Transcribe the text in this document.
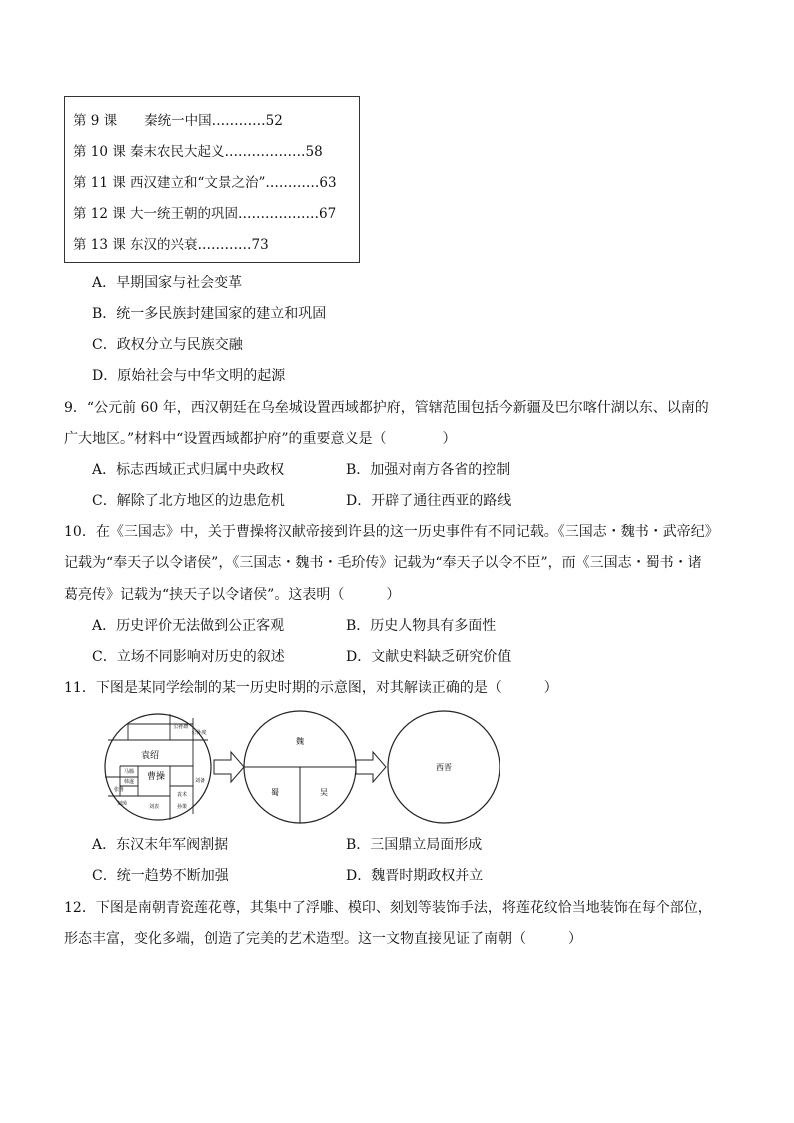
第 9 课　　秦统一中国…………52
第 10 课 秦末农民大起义………………58
第 11 课 西汉建立和“文景之治”…………63
第 12 课 大一统王朝的巩固………………67
第 13 课 东汉的兴衰…………73
A．早期国家与社会变革
B．统一多民族封建国家的建立和巩固
C．政权分立与民族交融
D．原始社会与中华文明的起源
9．“公元前 60 年，西汉朝廷在乌垒城设置西域都护府，管辖范围包括今新疆及巴尔喀什湖以东、以南的
广大地区。”材料中“设置西域都护府”的重要意义是（　　　　）
A．标志西域正式归属中央政权	B．加强对南方各省的控制
C．解除了北方地区的边患危机	D．开辟了通往西亚的路线
10．在《三国志》中，关于曹操将汉献帝接到许县的这一历史事件有不同记载。《三国志・魏书・武帝纪》
记载为“奉天子以令诸侯”，《三国志・魏书・毛玠传》记载为“奉天子以令不臣”，而《三国志・蜀书・诸
葛亮传》记载为“挟天子以令诸侯”。这表明（　　　）
A．历史评价无法做到公正客观	B．历史人物具有多面性
C．立场不同影响对历史的叙述	D．文献史料缺乏研究价值
11．下图是某同学绘制的某一历史时期的示意图，对其解读正确的是（　　　）
袁绍
曹操
公孙瓒
公孙度
马腾
韩遂	刘备
袁术
刘表
刘璋	孙策
张鲁
魏
蜀	吴
西晋
A．东汉末年军阀割据	B．三国鼎立局面形成
C．统一趋势不断加强	D．魏晋时期政权并立
12．下图是南朝青瓷莲花尊，其集中了浮雕、模印、刻划等装饰手法，将莲花纹恰当地装饰在每个部位，
形态丰富，变化多端，创造了完美的艺术造型。这一文物直接见证了南朝（　　　）
